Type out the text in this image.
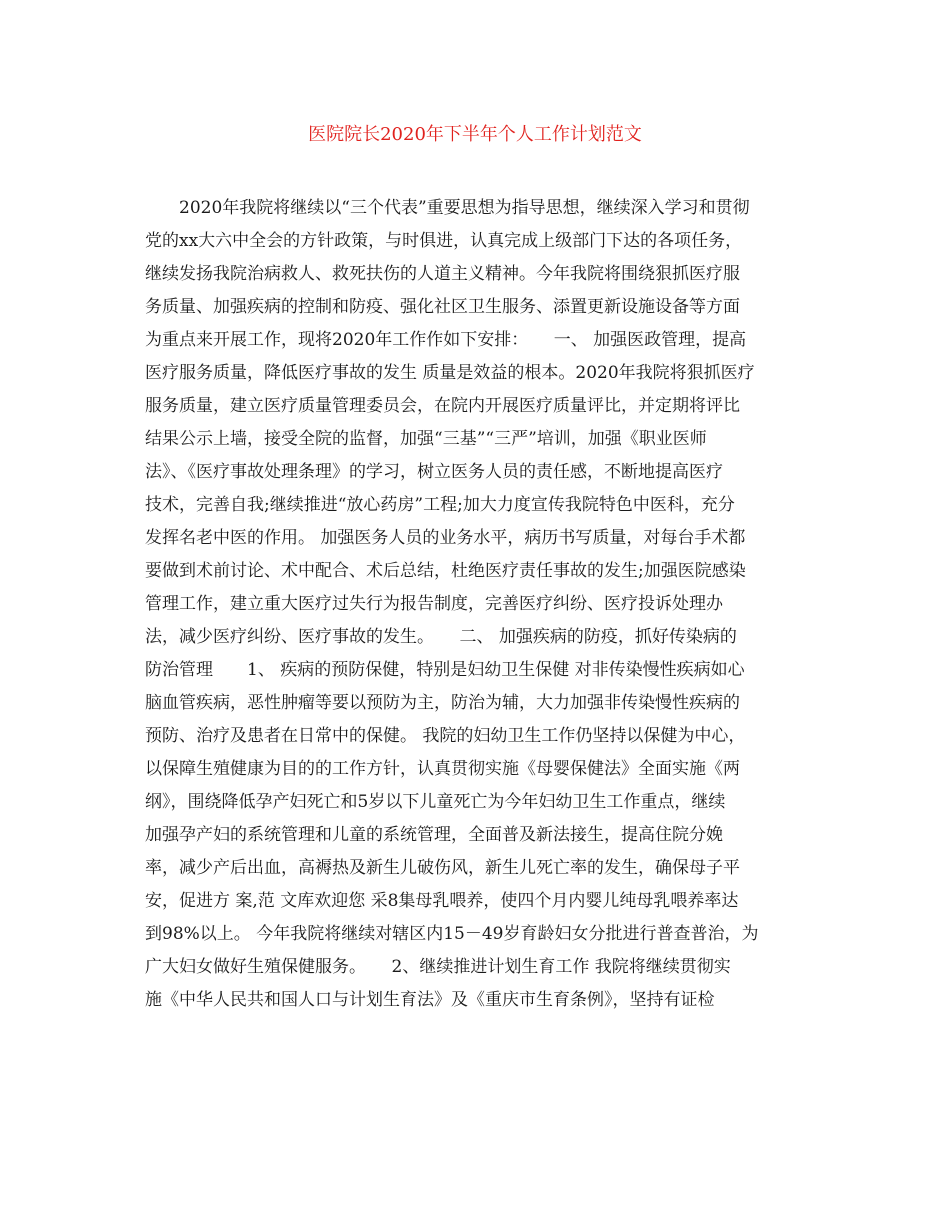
医院院长2020年下半年个人工作计划范文
　　2020年我院将继续以“三个代表”重要思想为指导思想，继续深入学习和贯彻
党的xx大六中全会的方针政策，与时俱进，认真完成上级部门下达的各项任务，
继续发扬我院治病救人、救死扶伤的人道主义精神。今年我院将围绕狠抓医疗服
务质量、加强疾病的控制和防疫、强化社区卫生服务、添置更新设施设备等方面
为重点来开展工作，现将2020年工作作如下安排：　　一、 加强医政管理，提高
医疗服务质量，降低医疗事故的发生 质量是效益的根本。2020年我院将狠抓医疗
服务质量，建立医疗质量管理委员会，在院内开展医疗质量评比，并定期将评比
结果公示上墙，接受全院的监督，加强“三基”“三严”培训，加强《职业医师
法》、《医疗事故处理条理》的学习，树立医务人员的责任感，不断地提高医疗
技术，完善自我;继续推进“放心药房”工程;加大力度宣传我院特色中医科，充分
发挥名老中医的作用。 加强医务人员的业务水平，病历书写质量，对每台手术都
要做到术前讨论、术中配合、术后总结，杜绝医疗责任事故的发生;加强医院感染
管理工作，建立重大医疗过失行为报告制度，完善医疗纠纷、医疗投诉处理办
法，减少医疗纠纷、医疗事故的发生。　　二、 加强疾病的防疫，抓好传染病的
防治管理　　1、 疾病的预防保健，特别是妇幼卫生保健 对非传染慢性疾病如心
脑血管疾病，恶性肿瘤等要以预防为主，防治为辅，大力加强非传染慢性疾病的
预防、治疗及患者在日常中的保健。 我院的妇幼卫生工作仍坚持以保健为中心，
以保障生殖健康为目的的工作方针，认真贯彻实施《母婴保健法》全面实施《两
纲》，围绕降低孕产妇死亡和5岁以下儿童死亡为今年妇幼卫生工作重点，继续
加强孕产妇的系统管理和儿童的系统管理，全面普及新法接生，提高住院分娩
率，减少产后出血，高褥热及新生儿破伤风，新生儿死亡率的发生，确保母子平
安，促进方 案,范 文库欢迎您 采8集母乳喂养，使四个月内婴儿纯母乳喂养率达
到98%以上。 今年我院将继续对辖区内15－49岁育龄妇女分批进行普查普治，为
广大妇女做好生殖保健服务。　　2、继续推进计划生育工作 我院将继续贯彻实
施《中华人民共和国人口与计划生育法》及《重庆市生育条例》，坚持有证检
